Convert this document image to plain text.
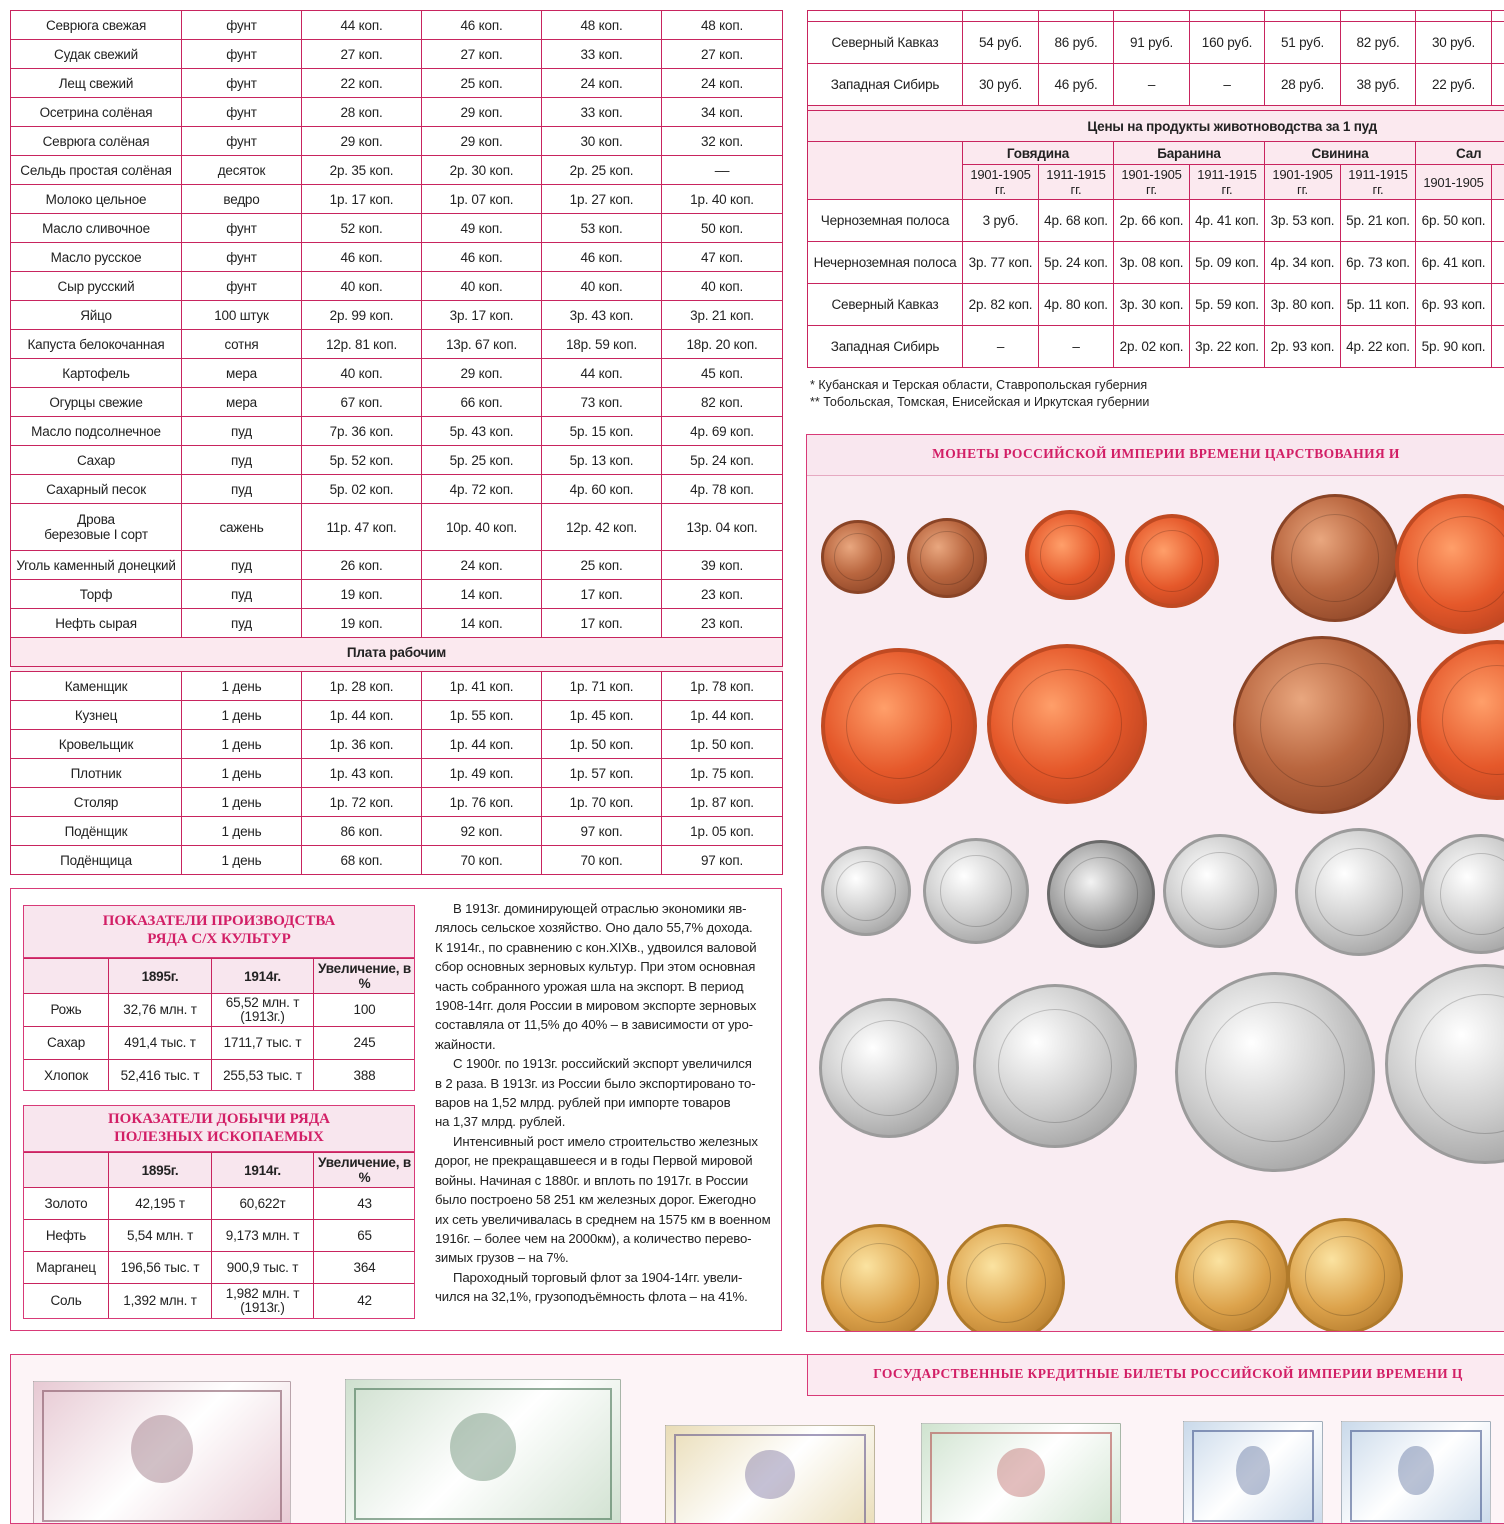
Севрюга свежая	фунт	44 коп.	46 коп.	48 коп.	48 коп.
Судак свежий	фунт	27 коп.	27 коп.	33 коп.	27 коп.
Лещ свежий	фунт	22 коп.	25 коп.	24 коп.	24 коп.
Осетрина солёная	фунт	28 коп.	29 коп.	33 коп.	34 коп.
Севрюга солёная	фунт	29 коп.	29 коп.	30 коп.	32 коп.
Сельдь простая солёная	десяток	2р. 35 коп.	2р. 30 коп.	2р. 25 коп.	––
Молоко цельное	ведро	1р. 17 коп.	1р. 07 коп.	1р. 27 коп.	1р. 40 коп.
Масло сливочное	фунт	52 коп.	49 коп.	53 коп.	50 коп.
Масло русское	фунт	46 коп.	46 коп.	46 коп.	47 коп.
Сыр русский	фунт	40 коп.	40 коп.	40 коп.	40 коп.
Яйцо	100 штук	2р. 99 коп.	3р. 17 коп.	3р. 43 коп.	3р. 21 коп.
Капуста белокочанная	сотня	12р. 81 коп.	13р. 67 коп.	18р. 59 коп.	18р. 20 коп.
Картофель	мера	40 коп.	29 коп.	44 коп.	45 коп.
Огурцы свежие	мера	67 коп.	66 коп.	73 коп.	82 коп.
Масло подсолнечное	пуд	7р. 36 коп.	5р. 43 коп.	5р. 15 коп.	4р. 69 коп.
Сахар	пуд	5р. 52 коп.	5р. 25 коп.	5р. 13 коп.	5р. 24 коп.
Сахарный песок	пуд	5р. 02 коп.	4р. 72 коп.	4р. 60 коп.	4р. 78 коп.

Дрова
березовые I сорт	сажень	11р. 47 коп.	10р. 40 коп.	12р. 42 коп.	13р. 04 коп.
Уголь каменный донецкий	пуд	26 коп.	24 коп.	25 коп.	39 коп.
Торф	пуд	19 коп.	14 коп.	17 коп.	23 коп.
Нефть сырая	пуд	19 коп.	14 коп.	17 коп.	23 коп.
Плата рабочим					

Каменщик	1 день	1р. 28 коп.	1р. 41 коп.	1р. 71 коп.	1р. 78 коп.
Кузнец	1 день	1р. 44 коп.	1р. 55 коп.	1р. 45 коп.	1р. 44 коп.
Кровельщик	1 день	1р. 36 коп.	1р. 44 коп.	1р. 50 коп.	1р. 50 коп.
Плотник	1 день	1р. 43 коп.	1р. 49 коп.	1р. 57 коп.	1р. 75 коп.
Столяр	1 день	1р. 72 коп.	1р. 76 коп.	1р. 70 коп.	1р. 87 коп.
Подёнщик	1 день	86 коп.	92 коп.	97 коп.	1р. 05 коп.
Подёнщица	1 день	68 коп.	70 коп.	70 коп.	97 коп.

Северный Кавказ	54 руб.	86 руб.	91 руб.	160 руб.	51 руб.	82 руб.	30 руб.	
Западная Сибирь	30 руб.	46 руб.	–	–	28 руб.	38 руб.	22 руб.	

Цены на продукты животноводства за 1 пуд								
	Говядина		Баранина		Свинина		Сал	
	1901-1905 гг.	1911-1915 гг.	1901-1905 гг.	1911-1915 гг.	1901-1905 гг.	1911-1915 гг.	1901-1905	
Черноземная полоса	3 руб.	4р. 68 коп.	2р. 66 коп.	4р. 41 коп.	3р. 53 коп.	5р. 21 коп.	6р. 50 коп.	
Нечерноземная полоса	3р. 77 коп.	5р. 24 коп.	3р. 08 коп.	5р. 09 коп.	4р. 34 коп.	6р. 73 коп.	6р. 41 коп.	
Северный Кавказ	2р. 82 коп.	4р. 80 коп.	3р. 30 коп.	5р. 59 коп.	3р. 80 коп.	5р. 11 коп.	6р. 93 коп.	
Западная Сибирь	–	–	2р. 02 коп.	3р. 22 коп.	2р. 93 коп.	4р. 22 коп.	5р. 90 коп.	
* Кубанская и Терская области, Ставропольская губерния
** Тобольская, Томская, Енисейская и Иркутская губернии
ПОКАЗАТЕЛИ ПРОИЗВОДСТВА
РЯДА С/Х КУЛЬТУР
	1895г.	1914г.	Увеличение, в %
Рожь	32,76 млн. т	65,52 млн. т (1913г.)	100
Сахар	491,4 тыс. т	1711,7 тыс. т	245
Хлопок	52,416 тыс. т	255,53 тыс. т	388
ПОКАЗАТЕЛИ ДОБЫЧИ РЯДА
ПОЛЕЗНЫХ ИСКОПАЕМЫХ
	1895г.	1914г.	Увеличение, в %
Золото	42,195 т	60,622т	43
Нефть	5,54 млн. т	9,173 млн. т	65
Марганец	196,56 тыс. т	900,9 тыс. т	364
Соль	1,392 млн. т	1,982 млн. т (1913г.)	42
В 1913г. доминирующей отраслью экономики яв-
лялось сельское хозяйство. Оно дало 55,7% дохода.
К 1914г., по сравнению с кон.XIXв., удвоился валовой
сбор основных зерновых культур. При этом основная
часть собранного урожая шла на экспорт. В период
1908-14гг. доля России в мировом экспорте зерновых
составляла от 11,5% до 40% – в зависимости от уро-
жайности.
С 1900г. по 1913г. российский экспорт увеличился
в 2 раза. В 1913г. из России было экспортировано то-
варов на 1,52 млрд. рублей при импорте товаров
на 1,37 млрд. рублей.
Интенсивный рост имело строительство железных
дорог, не прекращавшееся и в годы Первой мировой
войны. Начиная с 1880г. и вплоть по 1917г. в России
было построено 58 251 км железных дорог. Ежегодно
их сеть увеличивалась в среднем на 1575 км в военном
1916г. – более чем на 2000км), а количество перево-
зимых грузов – на 7%.
Пароходный торговый флот за 1904-14гг. увели-
чился на 32,1%, грузоподъёмность флота – на 41%.
МОНЕТЫ РОССИЙСКОЙ ИМПЕРИИ ВРЕМЕНИ ЦАРСТВОВАНИЯ И
ГОСУДАРСТВЕННЫЕ КРЕДИТНЫЕ БИЛЕТЫ РОССИЙСКОЙ ИМПЕРИИ ВРЕМЕНИ Ц
